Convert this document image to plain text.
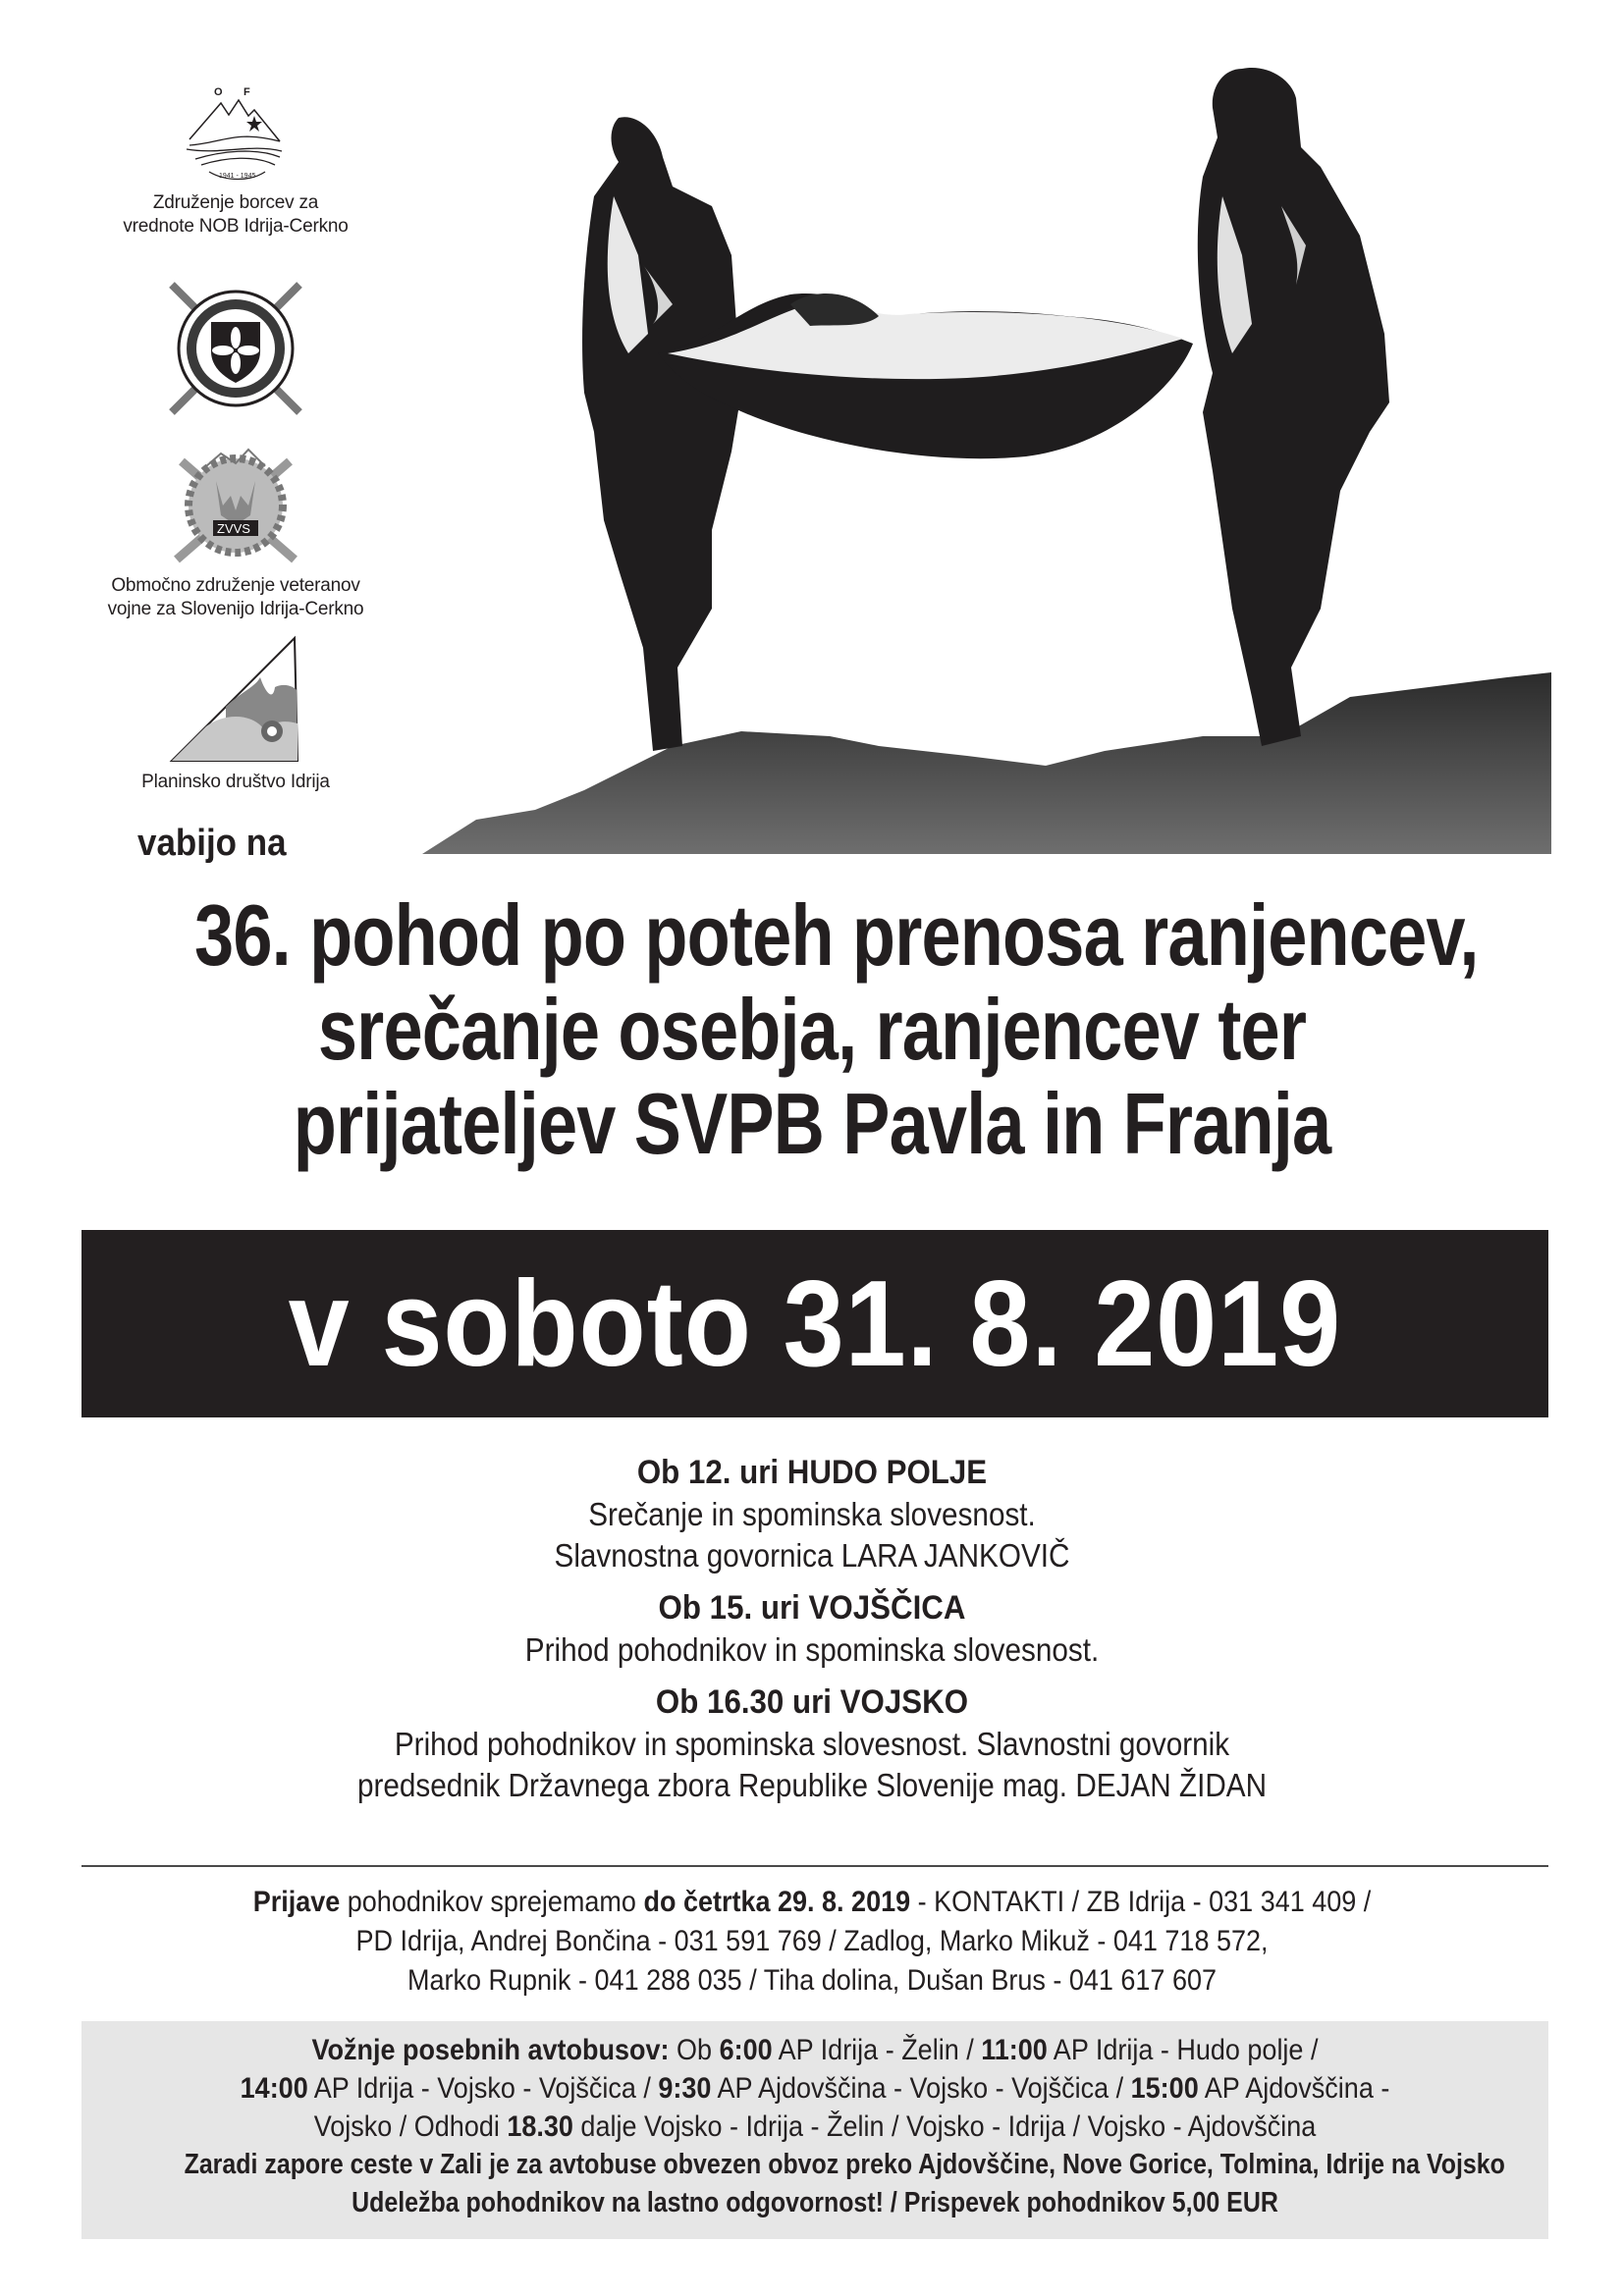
O F
1941 - 1945
Združenje borcev za
vrednote NOB Idrija-Cerkno
ZVVS
Območno združenje veteranov
vojne za Slovenijo Idrija-Cerkno
Planinsko društvo Idrija
vabijo na
36. pohod po poteh prenosa ranjencev,
srečanje osebja, ranjencev ter
prijateljev SVPB Pavla in Franja
v soboto 31. 8. 2019
Ob 12. uri HUDO POLJE
Srečanje in spominska slovesnost.
Slavnostna govornica LARA JANKOVIČ
Ob 15. uri VOJŠČICA
Prihod pohodnikov in spominska slovesnost.
Ob 16.30 uri VOJSKO
Prihod pohodnikov in spominska slovesnost. Slavnostni govornik
predsednik Državnega zbora Republike Slovenije mag. DEJAN ŽIDAN
Prijave pohodnikov sprejemamo do četrtka 29. 8. 2019 - KONTAKTI / ZB Idrija - 031 341 409 /
PD Idrija, Andrej Bončina - 031 591 769 / Zadlog, Marko Mikuž - 041 718 572,
Marko Rupnik - 041 288 035 / Tiha dolina, Dušan Brus - 041 617 607
Vožnje posebnih avtobusov: Ob 6:00 AP Idrija - Želin / 11:00 AP Idrija - Hudo polje /
14:00 AP Idrija - Vojsko - Vojščica / 9:30 AP Ajdovščina - Vojsko - Vojščica / 15:00 AP Ajdovščina -
Vojsko / Odhodi 18.30 dalje Vojsko - Idrija - Želin / Vojsko - Idrija / Vojsko - Ajdovščina
Zaradi zapore ceste v Zali je za avtobuse obvezen obvoz preko Ajdovščine, Nove Gorice, Tolmina, Idrije na Vojsko
Udeležba pohodnikov na lastno odgovornost! / Prispevek pohodnikov 5,00 EUR
